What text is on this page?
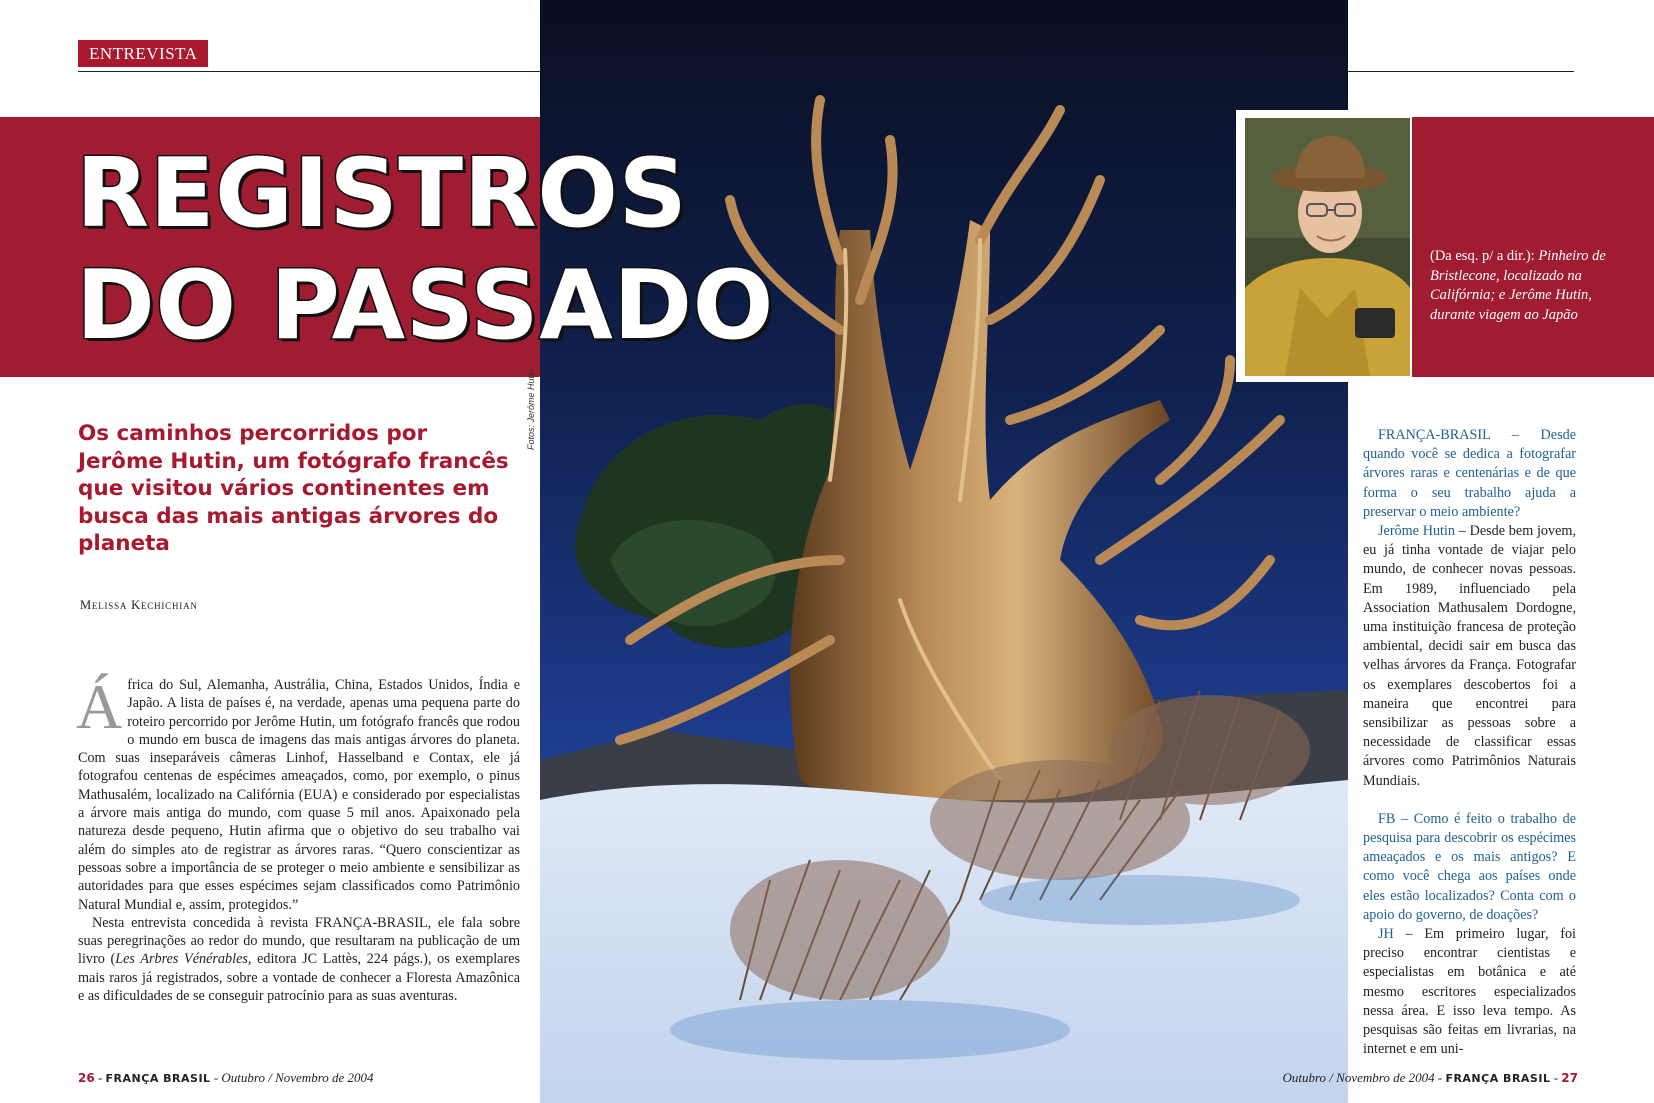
ENTREVISTA
REGISTROS
DO PASSADO	(Da esq. p/ a dir.): Pinheiro de Bristlecone, localizado na Califórnia; e Jerôme Hutin, durante viagem ao Japão
Fotos: Jerôme Hutin
Os caminhos percorridos por Jerôme Hutin, um fotógrafo francês que visitou vários continentes em busca das mais antigas árvores do planeta
Melissa Kechichian

África do Sul, Alemanha, Austrália, China, Estados Unidos, Índia e Japão. A lista de países é, na verdade, apenas uma pequena parte do roteiro percorrido por Jerôme Hutin, um fotógrafo francês que rodou o mundo em busca de imagens das mais antigas árvores do planeta. Com suas inseparáveis câmeras Linhof, Hasselband e Contax, ele já fotografou centenas de espécimes ameaçados, como, por exemplo, o pinus Mathusalém, localizado na Califórnia (EUA) e considerado por especialistas a árvore mais antiga do mundo, com quase 5 mil anos. Apaixonado pela natureza desde pequeno, Hutin afirma que o objetivo do seu trabalho vai além do simples ato de registrar as árvores raras. “Quero conscientizar as pessoas sobre a importância de se proteger o meio ambiente e sensibilizar as autoridades para que esses espécimes sejam classificados como Patrimônio Natural Mundial e, assim, protegidos.”

Nesta entrevista concedida à revista FRANÇA-BRASIL, ele fala sobre suas peregrinações ao redor do mundo, que resultaram na publicação de um livro (Les Arbres Vénérables, editora JC Lattès, 224 págs.), os exemplares mais raros já registrados, sobre a vontade de conhecer a Floresta Amazônica e as dificuldades de se conseguir patrocínio para as suas aventuras.

FRANÇA-BRASIL – Desde quando você se dedica a fotografar árvores raras e centenárias e de que forma o seu trabalho ajuda a preservar o meio ambiente?

Jerôme Hutin – Desde bem jovem, eu já tinha vontade de viajar pelo mundo, de conhecer novas pessoas. Em 1989, influenciado pela Association Mathusalem Dordogne, uma instituição francesa de proteção ambiental, decidi sair em busca das velhas árvores da França. Fotografar os exemplares descobertos foi a maneira que encontrei para sensibilizar as pessoas sobre a necessidade de classificar essas árvores como Patrimônios Naturais Mundiais.

FB – Como é feito o trabalho de pesquisa para descobrir os espécimes ameaçados e os mais antigos? E como você chega aos países onde eles estão localizados? Conta com o apoio do governo, de doações?

JH – Em primeiro lugar, foi preciso encontrar cientistas e especialistas em botânica e até mesmo escritores especializados nessa área. E isso leva tempo. As pesquisas são feitas em livrarias, na internet e em uni-

26 - FRANÇA BRASIL - Outubro / Novembro de 2004	Outubro / Novembro de 2004 - FRANÇA BRASIL - 27
